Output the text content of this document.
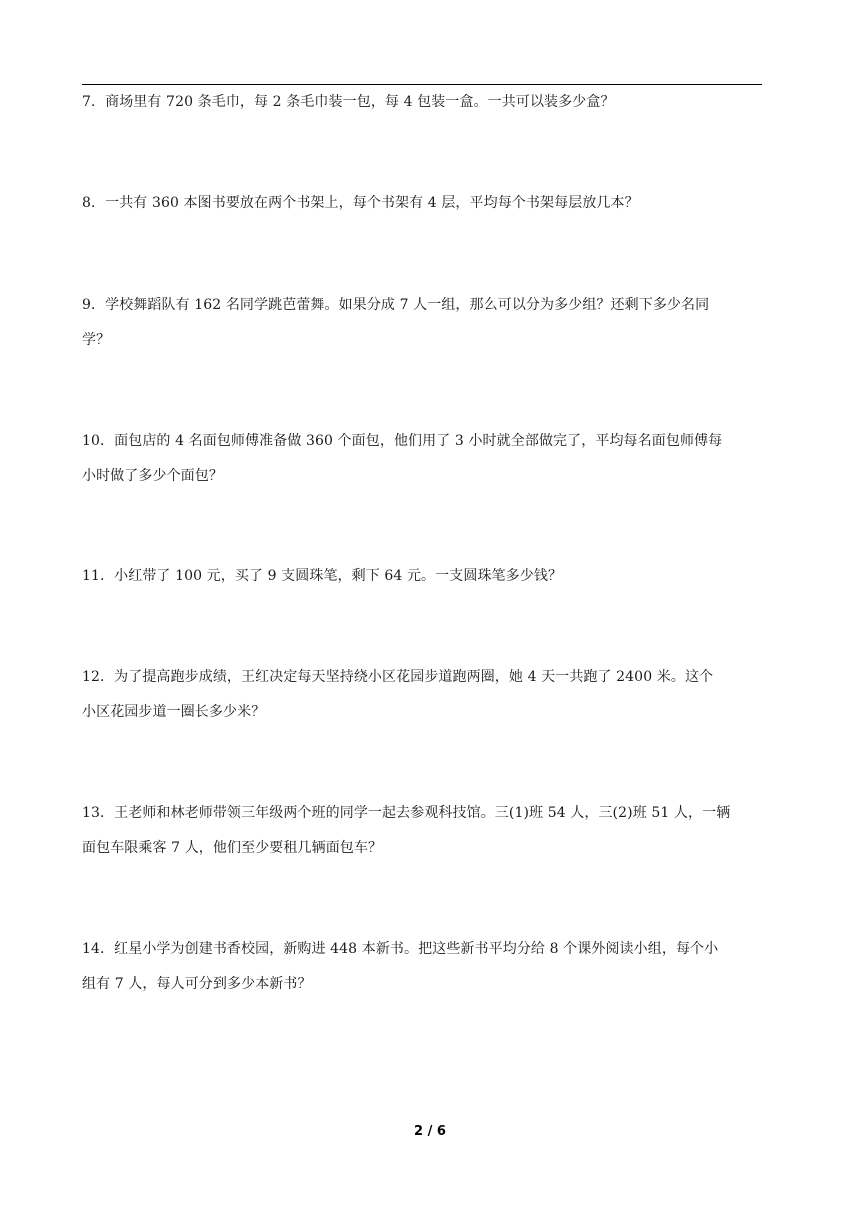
7．商场里有 720 条毛巾，每 2 条毛巾装一包，每 4 包装一盒。一共可以装多少盒？
8．一共有 360 本图书要放在两个书架上，每个书架有 4 层，平均每个书架每层放几本？
9．学校舞蹈队有 162 名同学跳芭蕾舞。如果分成 7 人一组，那么可以分为多少组？还剩下多少名同
学？
10．面包店的 4 名面包师傅准备做 360 个面包，他们用了 3 小时就全部做完了，平均每名面包师傅每
小时做了多少个面包？
11．小红带了 100 元，买了 9 支圆珠笔，剩下 64 元。一支圆珠笔多少钱？
12．为了提高跑步成绩，王红决定每天坚持绕小区花园步道跑两圈，她 4 天一共跑了 2400 米。这个
小区花园步道一圈长多少米？
13．王老师和林老师带领三年级两个班的同学一起去参观科技馆。三(1)班 54 人，三(2)班 51 人，一辆
面包车限乘客 7 人，他们至少要租几辆面包车？
14．红星小学为创建书香校园，新购进 448 本新书。把这些新书平均分给 8 个课外阅读小组，每个小
组有 7 人，每人可分到多少本新书？
2 / 6
